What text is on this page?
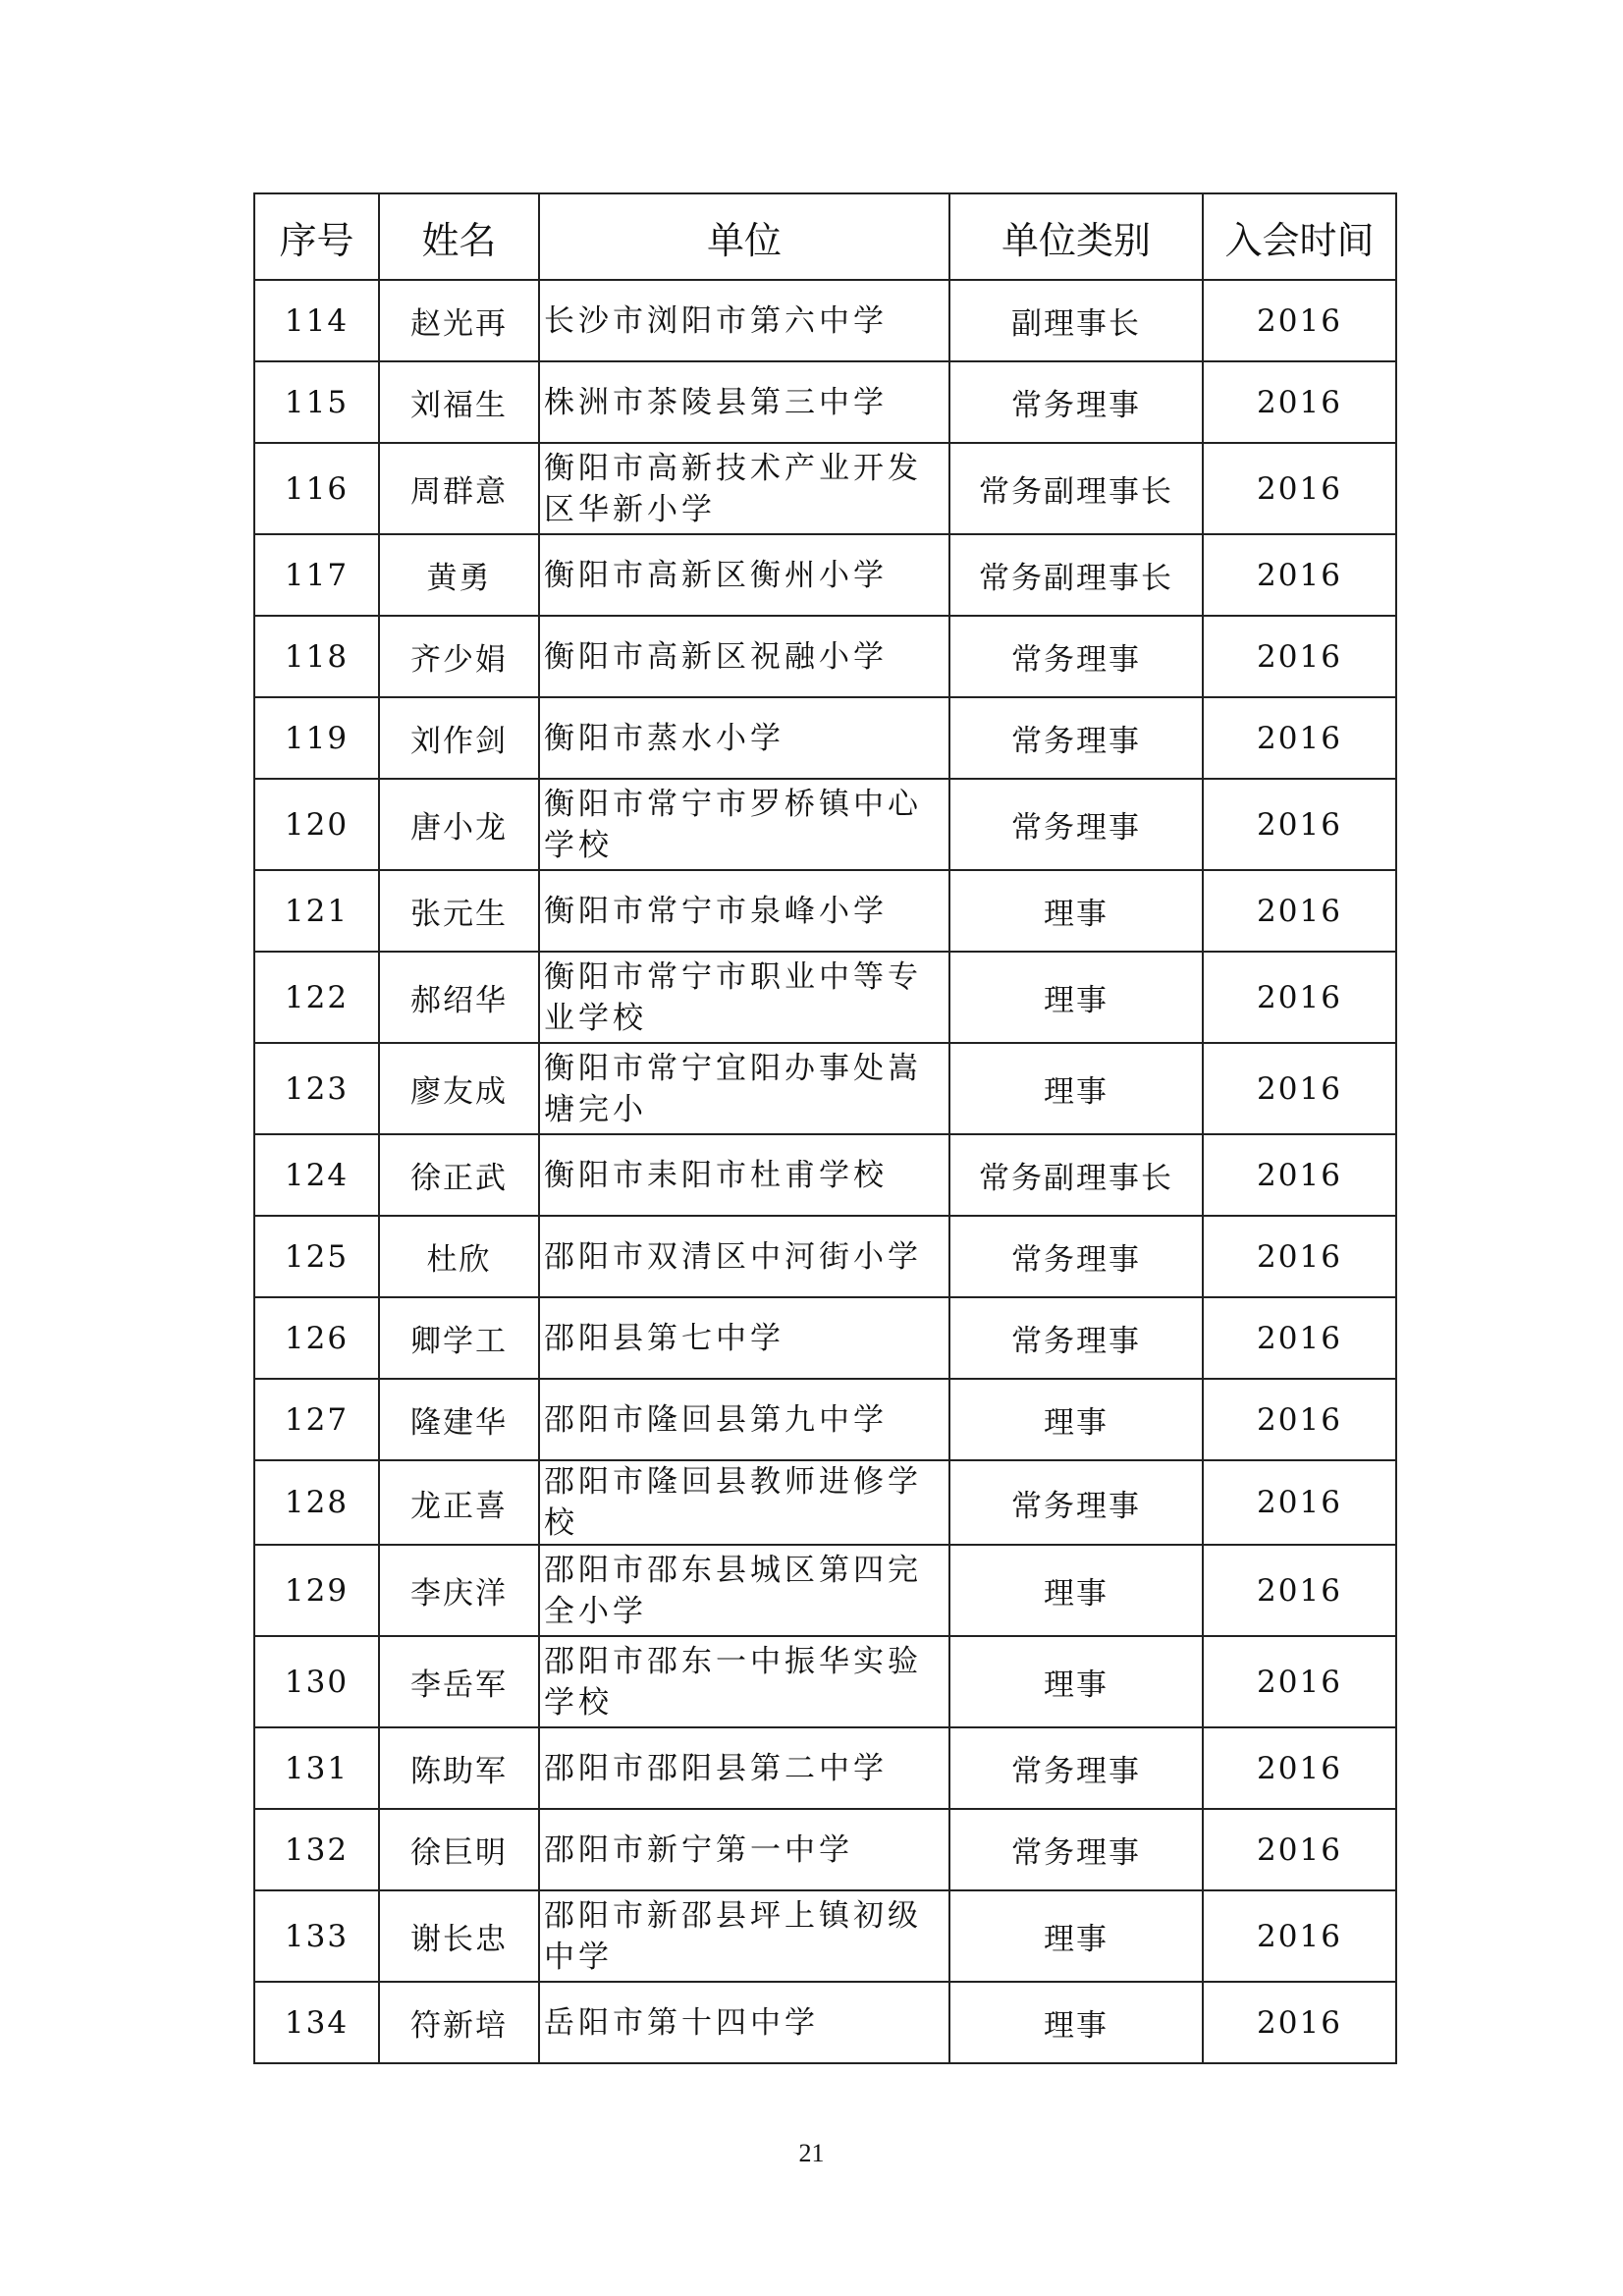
序号	姓名	单位	单位类别	入会时间
114	赵光再	长沙市浏阳市第六中学	副理事长	2016
115	刘福生	株洲市茶陵县第三中学	常务理事	2016
116	周群意	衡阳市高新技术产业开发区华新小学	常务副理事长	2016
117	黄勇	衡阳市高新区衡州小学	常务副理事长	2016
118	齐少娟	衡阳市高新区祝融小学	常务理事	2016
119	刘作剑	衡阳市蒸水小学	常务理事	2016
120	唐小龙	衡阳市常宁市罗桥镇中心学校	常务理事	2016
121	张元生	衡阳市常宁市泉峰小学	理事	2016
122	郝绍华	衡阳市常宁市职业中等专业学校	理事	2016
123	廖友成	衡阳市常宁宜阳办事处嵩塘完小	理事	2016
124	徐正武	衡阳市耒阳市杜甫学校	常务副理事长	2016
125	杜欣	邵阳市双清区中河街小学	常务理事	2016
126	卿学工	邵阳县第七中学	常务理事	2016
127	隆建华	邵阳市隆回县第九中学	理事	2016
128	龙正喜	邵阳市隆回县教师进修学校	常务理事	2016
129	李庆洋	邵阳市邵东县城区第四完全小学	理事	2016
130	李岳军	邵阳市邵东一中振华实验学校	理事	2016
131	陈助军	邵阳市邵阳县第二中学	常务理事	2016
132	徐巨明	邵阳市新宁第一中学	常务理事	2016
133	谢长忠	邵阳市新邵县坪上镇初级中学	理事	2016
134	符新培	岳阳市第十四中学	理事	2016
21
